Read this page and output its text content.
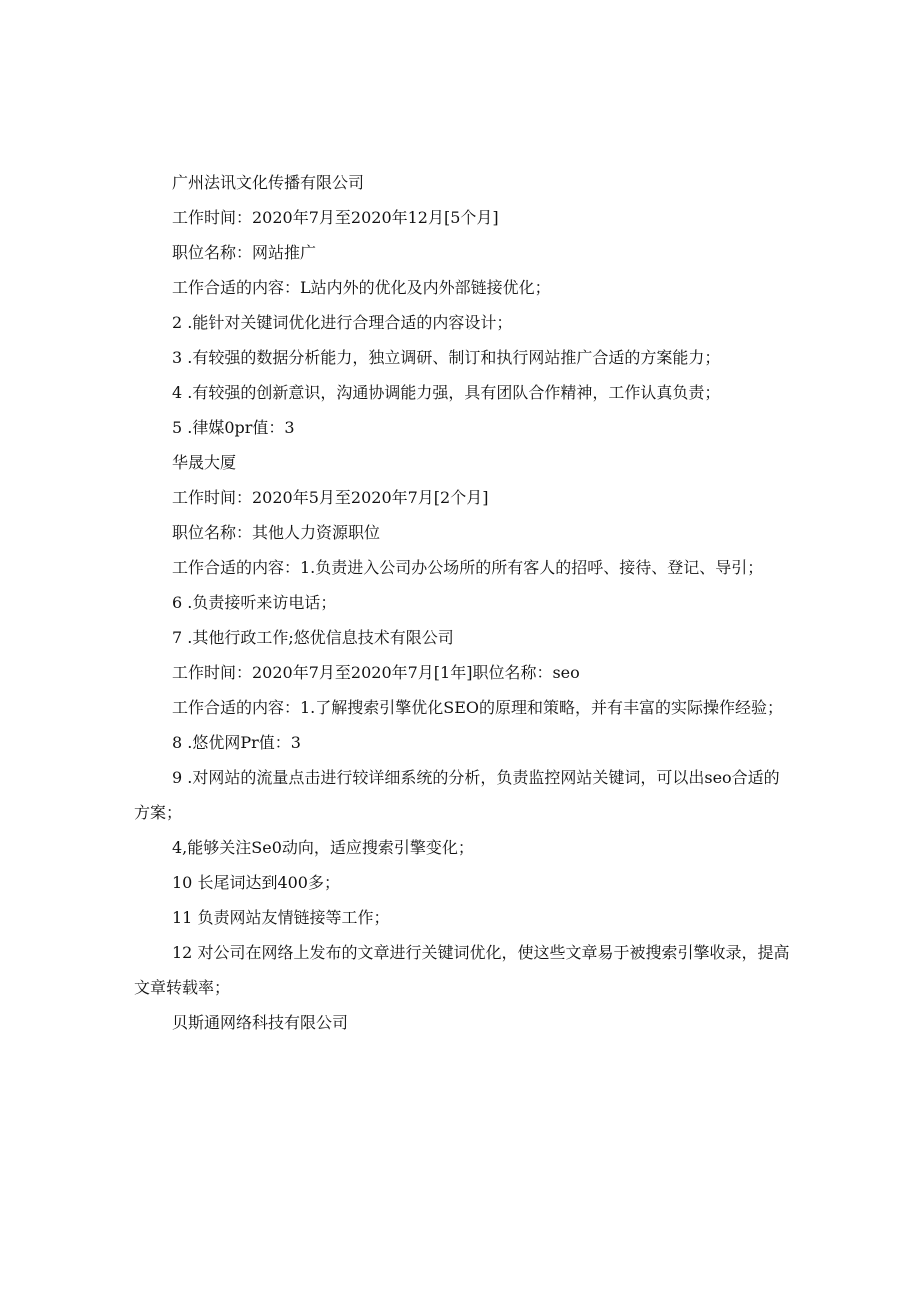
广州法讯文化传播有限公司

工作时间：2020年7月至2020年12月[5个月]

职位名称：网站推广

工作合适的内容：L站内外的优化及内外部链接优化；

2 .能针对关键词优化进行合理合适的内容设计；

3 .有较强的数据分析能力，独立调研、制订和执行网站推广合适的方案能力；

4 .有较强的创新意识，沟通协调能力强，具有团队合作精神，工作认真负责；

5 .律媒0pr值：3

华晟大厦

工作时间：2020年5月至2020年7月[2个月]

职位名称：其他人力资源职位

工作合适的内容：1.负责进入公司办公场所的所有客人的招呼、接待、登记、导引；

6 .负责接听来访电话；

7 .其他行政工作;悠优信息技术有限公司

工作时间：2020年7月至2020年7月[1年]职位名称：seo

工作合适的内容：1.了解搜索引擎优化SEO的原理和策略，并有丰富的实际操作经验；

8 .悠优网Pr值：3

9 .对网站的流量点击进行较详细系统的分析，负责监控网站关键词，可以出seo合适的方案；

4,能够关注Se0动向，适应搜索引擎变化；

10 长尾词达到400多；

11 负责网站友情链接等工作；

12 对公司在网络上发布的文章进行关键词优化，使这些文章易于被搜索引擎收录，提高文章转载率；

贝斯通网络科技有限公司
